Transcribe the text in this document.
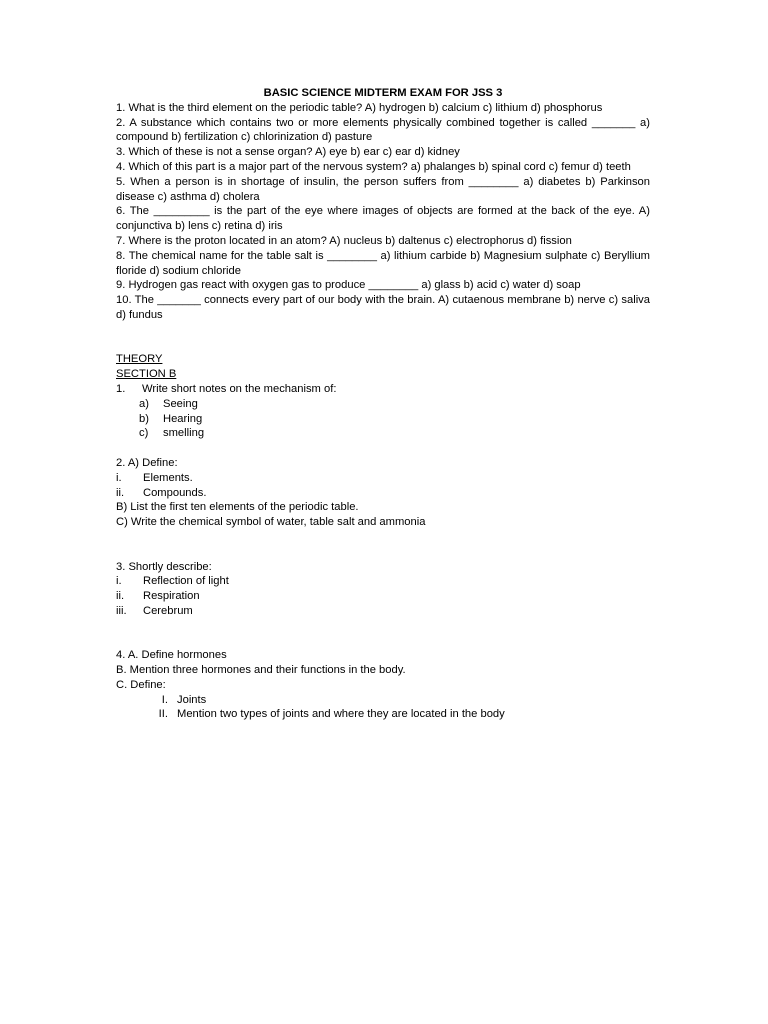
BASIC SCIENCE MIDTERM EXAM FOR JSS 3

1. What is the third element on the periodic table? A) hydrogen b) calcium c) lithium d) phosphorus

2. A substance which contains two or more elements physically combined together is called _______ a) compound b) fertilization c) chlorinization d) pasture

3. Which of these is not a sense organ? A) eye b) ear c) ear d) kidney

4. Which of this part is a major part of the nervous system? a) phalanges b) spinal cord c) femur d) teeth

5. When a person is in shortage of insulin, the person suffers from ________ a) diabetes b) Parkinson disease c) asthma d) cholera

6. The _________ is the part of the eye where images of objects are formed at the back of the eye. A) conjunctiva b) lens c) retina d) iris

7. Where is the proton located in an atom? A) nucleus b) daltenus c) electrophorus d) fission

8. The chemical name for the table salt is ________ a) lithium carbide b) Magnesium sulphate c) Beryllium floride d) sodium chloride

9. Hydrogen gas react with oxygen gas to produce ________ a) glass b) acid c) water d) soap

10. The _______ connects every part of our body with the brain. A) cutaenous membrane b) nerve c) saliva d) fundus

THEORY

SECTION B

1.	Write short notes on the mechanism of:
a)	Seeing
b)	Hearing
c)	smelling

2. A) Define:

i.	Elements.
ii.	Compounds.

B) List the first ten elements of the periodic table.

C) Write the chemical symbol of water, table salt and ammonia

3. Shortly describe:

i.	Reflection of light
ii.	Respiration
iii.	Cerebrum

4. A. Define hormones

B. Mention three hormones and their functions in the body.

C. Define:

I. Joints
II. Mention two types of joints and where they are located in the body
